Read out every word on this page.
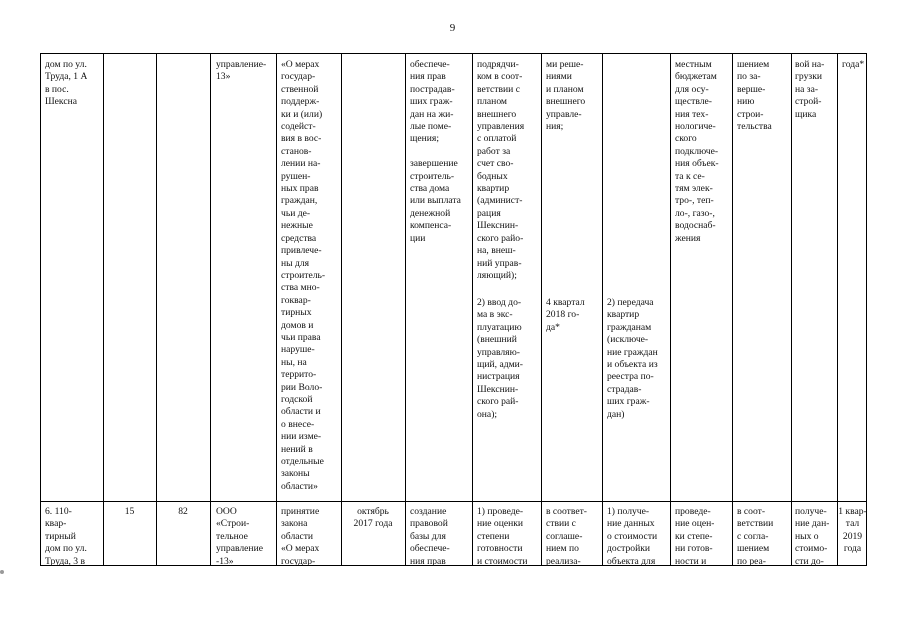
9
дом по ул.
Труда, 1 А
в пос.
Шексна
управление-
13»
«О мерах
государ-
ственной
поддерж-
ки и (или)
содейст-
вия в вос-
станов-
лении на-
рушен-
ных прав
граждан,
чьи де-
нежные
средства
привлече-
ны для
строитель-
ства мно-
гоквар-
тирных
домов и
чьи права
наруше-
ны, на
террито-
рии Воло-
годской
области и
о внесе-
нии изме-
нений в
отдельные
законы
области»
обеспече-
ния прав
пострадав-
ших граж-
дан на жи-
лые поме-
щения;

завершение
строитель-
ства дома
или выплата
денежной
компенса-
ции
подрядчи-
ком в соот-
ветствии с
планом
внешнего
управления
с оплатой
работ за
счет сво-
бодных
квартир
(админист-
рация
Шекснин-
ского райо-
на, внеш-
ний управ-
ляющий);
2) ввод до-
ма в экс-
плуатацию
(внешний
управляю-
щий, адми-
нистрация
Шекснин-
ского рай-
она);
ми реше-
ниями
и планом
внешнего
управле-
ния;
4 квартал
2018 го-
да*
2) передача
квартир
гражданам
(исключе-
ние граждан
и объекта из
реестра по-
страдав-
ших граж-
дан)
местным
бюджетам
для осу-
ществле-
ния тех-
нологиче-
ского
подключе-
ния объек-
та к се-
тям элек-
тро-, теп-
ло-, газо-,
водоснаб-
жения
шением
по за-
верше-
нию
строи-
тельства
вой на-
грузки
на за-
строй-
щика
года*
6. 110-
квар-
тирный
дом по ул.
Труда, 3 в
15	82	ООО
«Строи-
тельное
управление
-13»
принятие
закона
области
«О мерах
государ-
октябрь
2017 года
создание
правовой
базы для
обеспече-
ния прав
1) проведе-
ние оценки
степени
готовности
и стоимости
в соответ-
ствии с
соглаше-
нием по
реализа-
1) получе-
ние данных
о стоимости
достройки
объекта для
проведе-
ние оцен-
ки степе-
ни готов-
ности и
в соот-
ветствии
с согла-
шением
по реа-
получе-
ние дан-
ных о
стоимо-
сти до-
1 квар-
тал
2019
года
